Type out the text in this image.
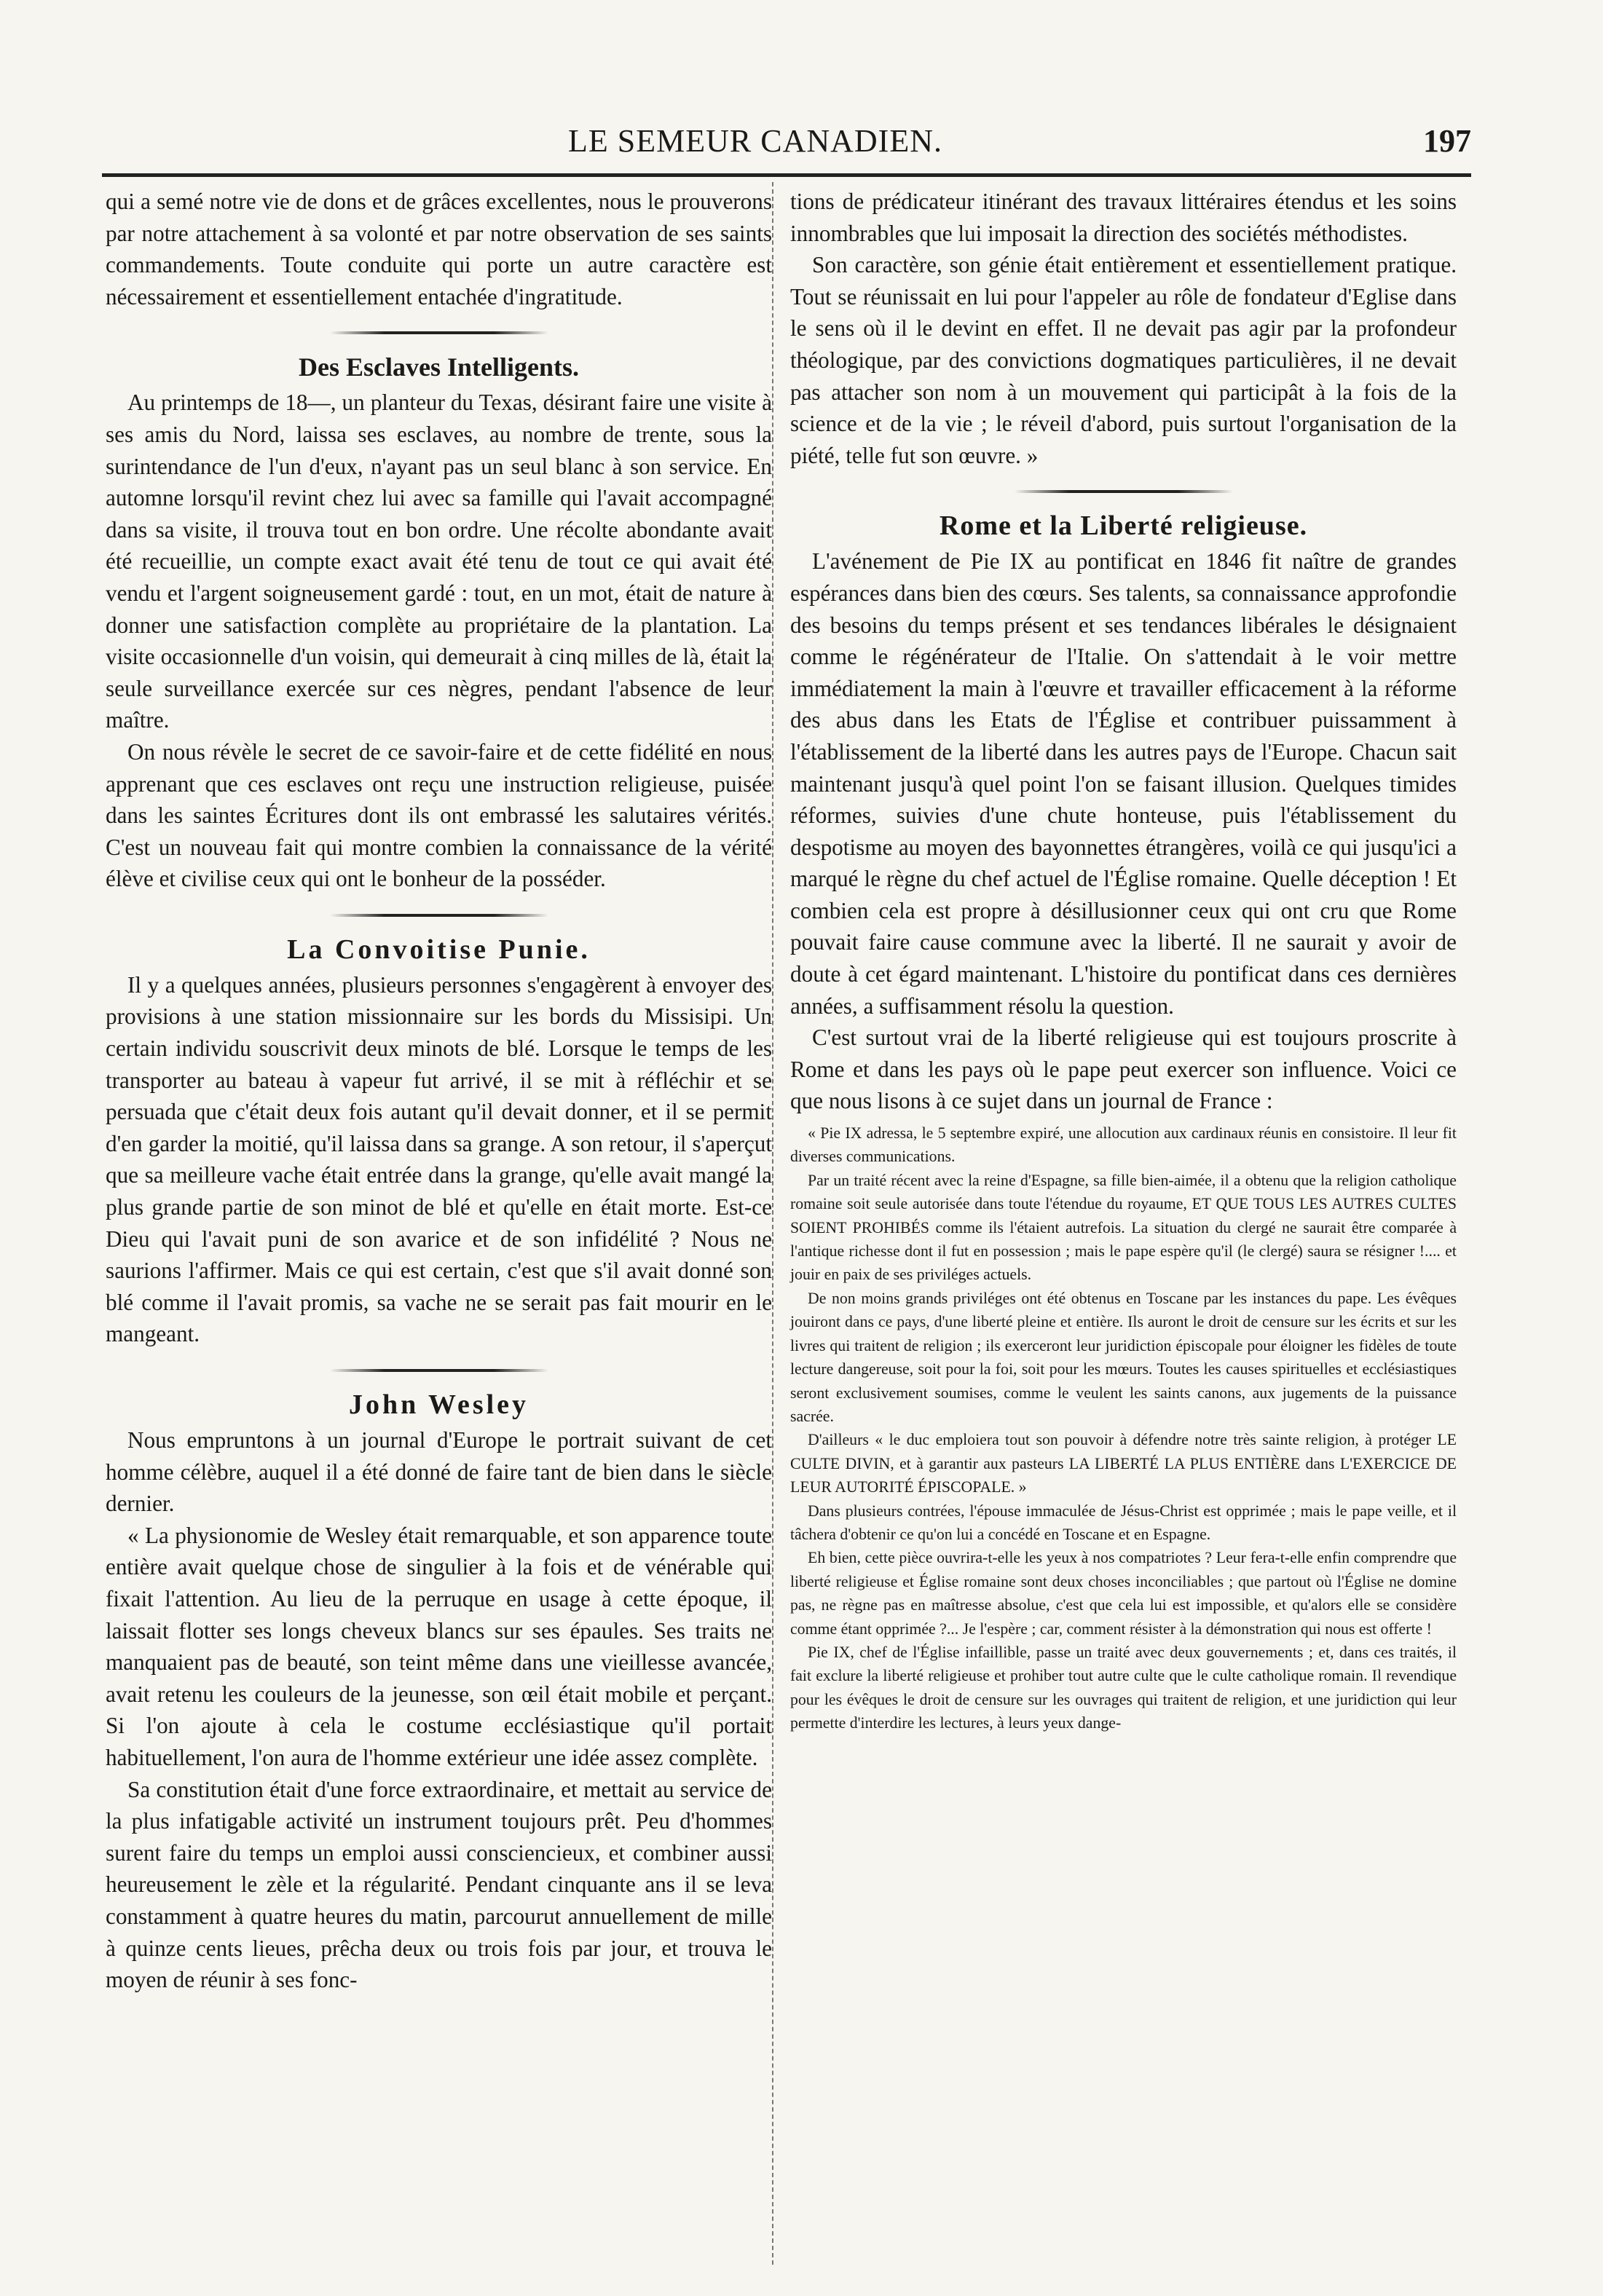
LE SEMEUR CANADIEN.	197

qui a semé notre vie de dons et de grâces excellentes, nous le prouverons par notre attachement à sa volonté et par notre observation de ses saints commandements. Toute conduite qui porte un autre caractère est nécessairement et essentiellement entachée d'ingratitude.

Des Esclaves Intelligents.

Au printemps de 18—, un planteur du Texas, désirant faire une visite à ses amis du Nord, laissa ses esclaves, au nombre de trente, sous la surintendance de l'un d'eux, n'ayant pas un seul blanc à son service. En automne lorsqu'il revint chez lui avec sa famille qui l'avait accompagné dans sa visite, il trouva tout en bon ordre. Une récolte abondante avait été recueillie, un compte exact avait été tenu de tout ce qui avait été vendu et l'argent soigneusement gardé : tout, en un mot, était de nature à donner une satisfaction complète au propriétaire de la plantation. La visite occasionnelle d'un voisin, qui demeurait à cinq milles de là, était la seule surveillance exercée sur ces nègres, pendant l'absence de leur maître.

On nous révèle le secret de ce savoir-faire et de cette fidélité en nous apprenant que ces esclaves ont reçu une instruction religieuse, puisée dans les saintes Écritures dont ils ont embrassé les salutaires vérités. C'est un nouveau fait qui montre combien la connaissance de la vérité élève et civilise ceux qui ont le bonheur de la posséder.

La Convoitise Punie.

Il y a quelques années, plusieurs personnes s'engagèrent à envoyer des provisions à une station missionnaire sur les bords du Missisipi. Un certain individu souscrivit deux minots de blé. Lorsque le temps de les transporter au bateau à vapeur fut arrivé, il se mit à réfléchir et se persuada que c'était deux fois autant qu'il devait donner, et il se permit d'en garder la moitié, qu'il laissa dans sa grange. A son retour, il s'aperçut que sa meilleure vache était entrée dans la grange, qu'elle avait mangé la plus grande partie de son minot de blé et qu'elle en était morte. Est-ce Dieu qui l'avait puni de son avarice et de son infidélité ? Nous ne saurions l'affirmer. Mais ce qui est certain, c'est que s'il avait donné son blé comme il l'avait promis, sa vache ne se serait pas fait mourir en le mangeant.

John Wesley

Nous empruntons à un journal d'Europe le portrait suivant de cet homme célèbre, auquel il a été donné de faire tant de bien dans le siècle dernier.

« La physionomie de Wesley était remarquable, et son apparence toute entière avait quelque chose de singulier à la fois et de vénérable qui fixait l'attention. Au lieu de la perruque en usage à cette époque, il laissait flotter ses longs cheveux blancs sur ses épaules. Ses traits ne manquaient pas de beauté, son teint même dans une vieillesse avancée, avait retenu les couleurs de la jeunesse, son œil était mobile et perçant. Si l'on ajoute à cela le costume ecclésiastique qu'il portait habituellement, l'on aura de l'homme extérieur une idée assez complète.

Sa constitution était d'une force extraordinaire, et mettait au service de la plus infatigable activité un instrument toujours prêt. Peu d'hommes surent faire du temps un emploi aussi consciencieux, et combiner aussi heureusement le zèle et la régularité. Pendant cinquante ans il se leva constamment à quatre heures du matin, parcourut annuellement de mille à quinze cents lieues, prêcha deux ou trois fois par jour, et trouva le moyen de réunir à ses fonc-

tions de prédicateur itinérant des travaux littéraires étendus et les soins innombrables que lui imposait la direction des sociétés méthodistes.

Son caractère, son génie était entièrement et essentiellement pratique. Tout se réunissait en lui pour l'appeler au rôle de fondateur d'Eglise dans le sens où il le devint en effet. Il ne devait pas agir par la profondeur théologique, par des convictions dogmatiques particulières, il ne devait pas attacher son nom à un mouvement qui participât à la fois de la science et de la vie ; le réveil d'abord, puis surtout l'organisation de la piété, telle fut son œuvre. »

Rome et la Liberté religieuse.

L'avénement de Pie IX au pontificat en 1846 fit naître de grandes espérances dans bien des cœurs. Ses talents, sa connaissance approfondie des besoins du temps présent et ses tendances libérales le désignaient comme le régénérateur de l'Italie. On s'attendait à le voir mettre immédiatement la main à l'œuvre et travailler efficacement à la réforme des abus dans les Etats de l'Église et contribuer puissamment à l'établissement de la liberté dans les autres pays de l'Europe. Chacun sait maintenant jusqu'à quel point l'on se faisant illusion. Quelques timides réformes, suivies d'une chute honteuse, puis l'établissement du despotisme au moyen des bayonnettes étrangères, voilà ce qui jusqu'ici a marqué le règne du chef actuel de l'Église romaine. Quelle déception ! Et combien cela est propre à désillusionner ceux qui ont cru que Rome pouvait faire cause commune avec la liberté. Il ne saurait y avoir de doute à cet égard maintenant. L'histoire du pontificat dans ces dernières années, a suffisamment résolu la question.

C'est surtout vrai de la liberté religieuse qui est toujours proscrite à Rome et dans les pays où le pape peut exercer son influence. Voici ce que nous lisons à ce sujet dans un journal de France :

« Pie IX adressa, le 5 septembre expiré, une allocution aux cardinaux réunis en consistoire. Il leur fit diverses communications.

Par un traité récent avec la reine d'Espagne, sa fille bien-aimée, il a obtenu que la religion catholique romaine soit seule autorisée dans toute l'étendue du royaume, ET QUE TOUS LES AUTRES CULTES SOIENT PROHIBÉS comme ils l'étaient autrefois. La situation du clergé ne saurait être comparée à l'antique richesse dont il fut en possession ; mais le pape espère qu'il (le clergé) saura se résigner !.... et jouir en paix de ses priviléges actuels.

De non moins grands priviléges ont été obtenus en Toscane par les instances du pape. Les évêques jouiront dans ce pays, d'une liberté pleine et entière. Ils auront le droit de censure sur les écrits et sur les livres qui traitent de religion ; ils exerceront leur juridiction épiscopale pour éloigner les fidèles de toute lecture dangereuse, soit pour la foi, soit pour les mœurs. Toutes les causes spirituelles et ecclésiastiques seront exclusivement soumises, comme le veulent les saints canons, aux jugements de la puissance sacrée.

D'ailleurs « le duc emploiera tout son pouvoir à défendre notre très sainte religion, à protéger LE CULTE DIVIN, et à garantir aux pasteurs LA LIBERTÉ LA PLUS ENTIÈRE dans L'EXERCICE DE LEUR AUTORITÉ ÉPISCOPALE. »

Dans plusieurs contrées, l'épouse immaculée de Jésus-Christ est opprimée ; mais le pape veille, et il tâchera d'obtenir ce qu'on lui a concédé en Toscane et en Espagne.

Eh bien, cette pièce ouvrira-t-elle les yeux à nos compatriotes ? Leur fera-t-elle enfin comprendre que liberté religieuse et Église romaine sont deux choses inconciliables ; que partout où l'Église ne domine pas, ne règne pas en maîtresse absolue, c'est que cela lui est impossible, et qu'alors elle se considère comme étant opprimée ?... Je l'espère ; car, comment résister à la démonstration qui nous est offerte !

Pie IX, chef de l'Église infaillible, passe un traité avec deux gouvernements ; et, dans ces traités, il fait exclure la liberté religieuse et prohiber tout autre culte que le culte catholique romain. Il revendique pour les évêques le droit de censure sur les ouvrages qui traitent de religion, et une juridiction qui leur permette d'interdire les lectures, à leurs yeux dange-
